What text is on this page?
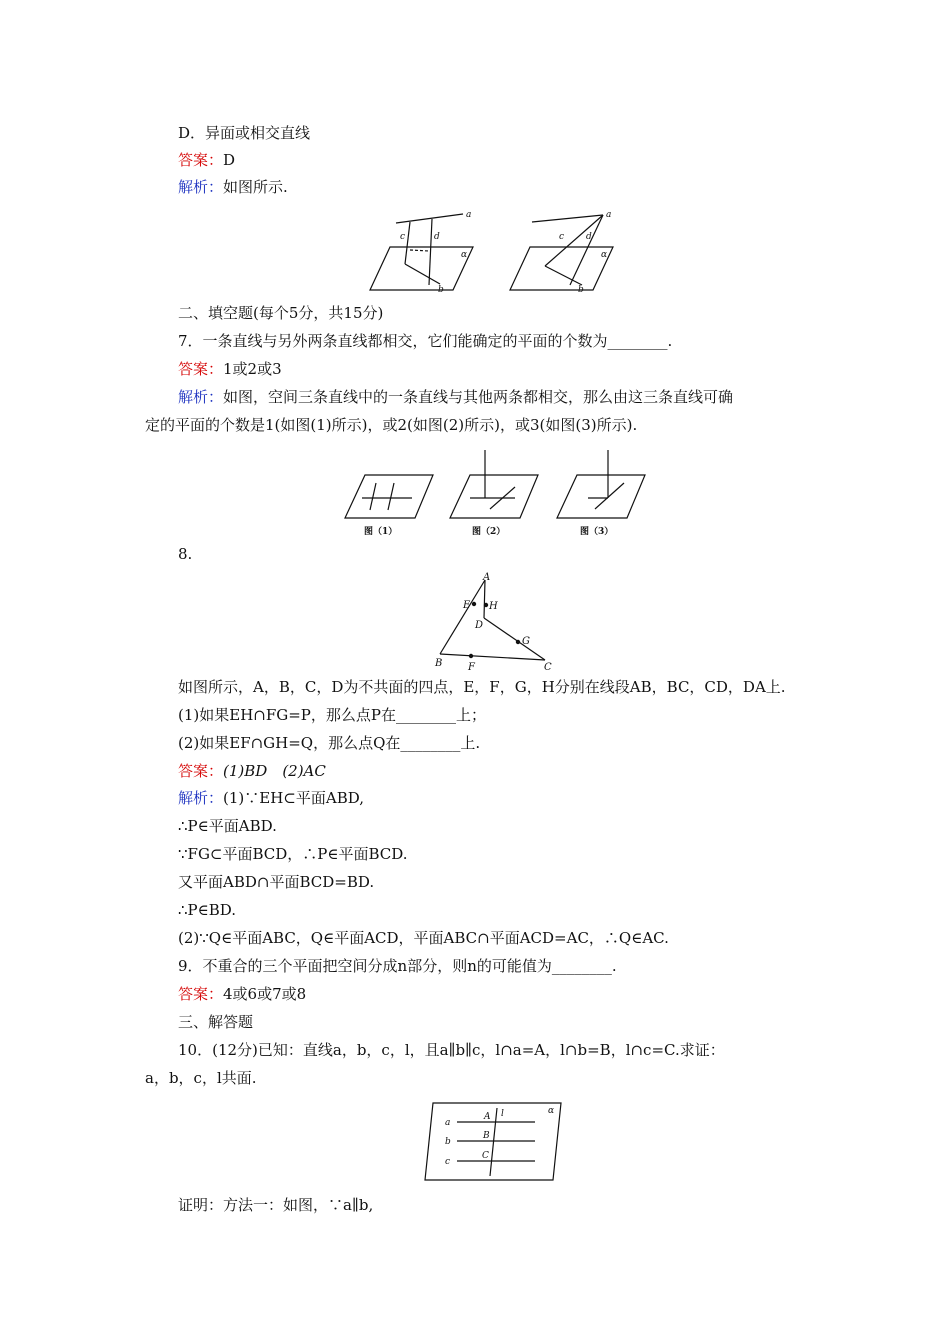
D．异面或相交直线
答案：D
解析：如图所示.
a
c	d
α
b
a
c d
α
b
二、填空题(每个5分，共15分)
7．一条直线与另外两条直线都相交，它们能确定的平面的个数为________.
答案：1或2或3
解析：如图，空间三条直线中的一条直线与其他两条都相交，那么由这三条直线可确
定的平面的个数是1(如图(1)所示)，或2(如图(2)所示)，或3(如图(3)所示).
图（1）	图（2）	图（3）
8.
A
E H
D
G
B	F	C
如图所示，A，B，C，D为不共面的四点，E，F，G，H分别在线段AB，BC，CD，DA上.
(1)如果EH∩FG=P，那么点P在________上；
(2)如果EF∩GH=Q，那么点Q在________上.
答案：(1)BD　(2)AC
解析：(1)∵EH⊂平面ABD,
∴P∈平面ABD.
∵FG⊂平面BCD，∴P∈平面BCD.
又平面ABD∩平面BCD=BD.
∴P∈BD.
(2)∵Q∈平面ABC，Q∈平面ACD，平面ABC∩平面ACD=AC，∴Q∈AC.
9．不重合的三个平面把空间分成n部分，则n的可能值为________.
答案：4或6或7或8
三、解答题
10．(12分)已知：直线a，b，c，l，且a∥b∥c，l∩a=A，l∩b=B，l∩c=C.求证：
a，b，c，l共面.
a
b
c
l	α
A
B
C
证明：方法一：如图，∵a∥b,
